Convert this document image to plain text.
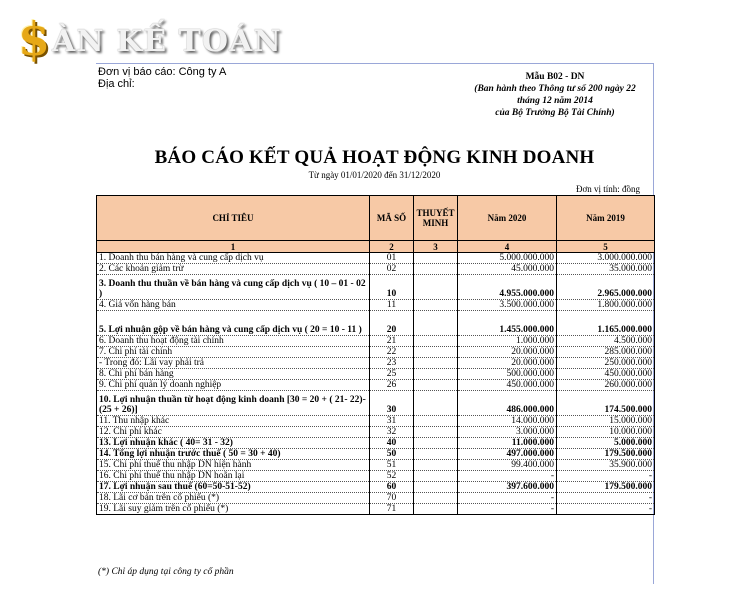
$ ÀN KẾ TOÁN
Đơn vị báo cáo: Công ty A
Địa chỉ:
Mẫu B02 - DN
(Ban hành theo Thông tư số 200 ngày 22
tháng 12 năm 2014
của Bộ Trưởng Bộ Tài Chính)
BÁO CÁO KẾT QUẢ HOẠT ĐỘNG KINH DOANH
Từ ngày 01/01/2020 đến 31/12/2020
Đơn vị tính: đồng
CHỈ TIÊU	MÃ SỐ	THUYẾT MINH	Năm 2020	Năm 2019
1	2	3	4	5
1. Doanh thu bán hàng và cung cấp dịch vụ	01		5.000.000.000	3.000.000.000
2. Các khoản giảm trừ	02		45.000.000	35.000.000
3. Doanh thu thuần về bán hàng và cung cấp dịch vụ ( 10 – 01 - 02 )	10		4.955.000.000	2.965.000.000
4. Giá vốn hàng bán	11		3.500.000.000	1.800.000.000
5. Lợi nhuận gộp về bán hàng và cung cấp dịch vụ ( 20 = 10 - 11 )	20		1.455.000.000	1.165.000.000
6. Doanh thu hoạt động tài chính	21		1.000.000	4.500.000
7. Chi phí tài chính	22		20.000.000	285.000.000
- Trong đó: Lãi vay phải trả	23		20.000.000	250.000.000
8. Chi phí bán hàng	25		500.000.000	450.000.000
9. Chi phí quản lý doanh nghiệp	26		450.000.000	260.000.000
10. Lợi nhuận thuần từ hoạt động kinh doanh [30 = 20 + ( 21- 22)- (25 + 26)]	30		486.000.000	174.500.000
11. Thu nhập khác	31		14.000.000	15.000.000
12. Chi phí khác	32		3.000.000	10.000.000
13. Lợi nhuận khác ( 40= 31 - 32)	40		11.000.000	5.000.000
14. Tổng lợi nhuận trước thuế ( 50 = 30 + 40)	50		497.000.000	179.500.000
15. Chi phí thuế thu nhập DN hiện hành	51		99.400.000	35.900.000
16. Chi phí thuế thu nhập DN hoãn lại	52		-	-
17. Lợi nhuận sau thuế (60=50-51-52)	60		397.600.000	179.500.000
18. Lãi cơ bản trên cổ phiếu (*)	70		-	-
19. Lãi suy giảm trên cổ phiếu (*)	71		-	-
(*) Chỉ áp dụng tại công ty cổ phần
